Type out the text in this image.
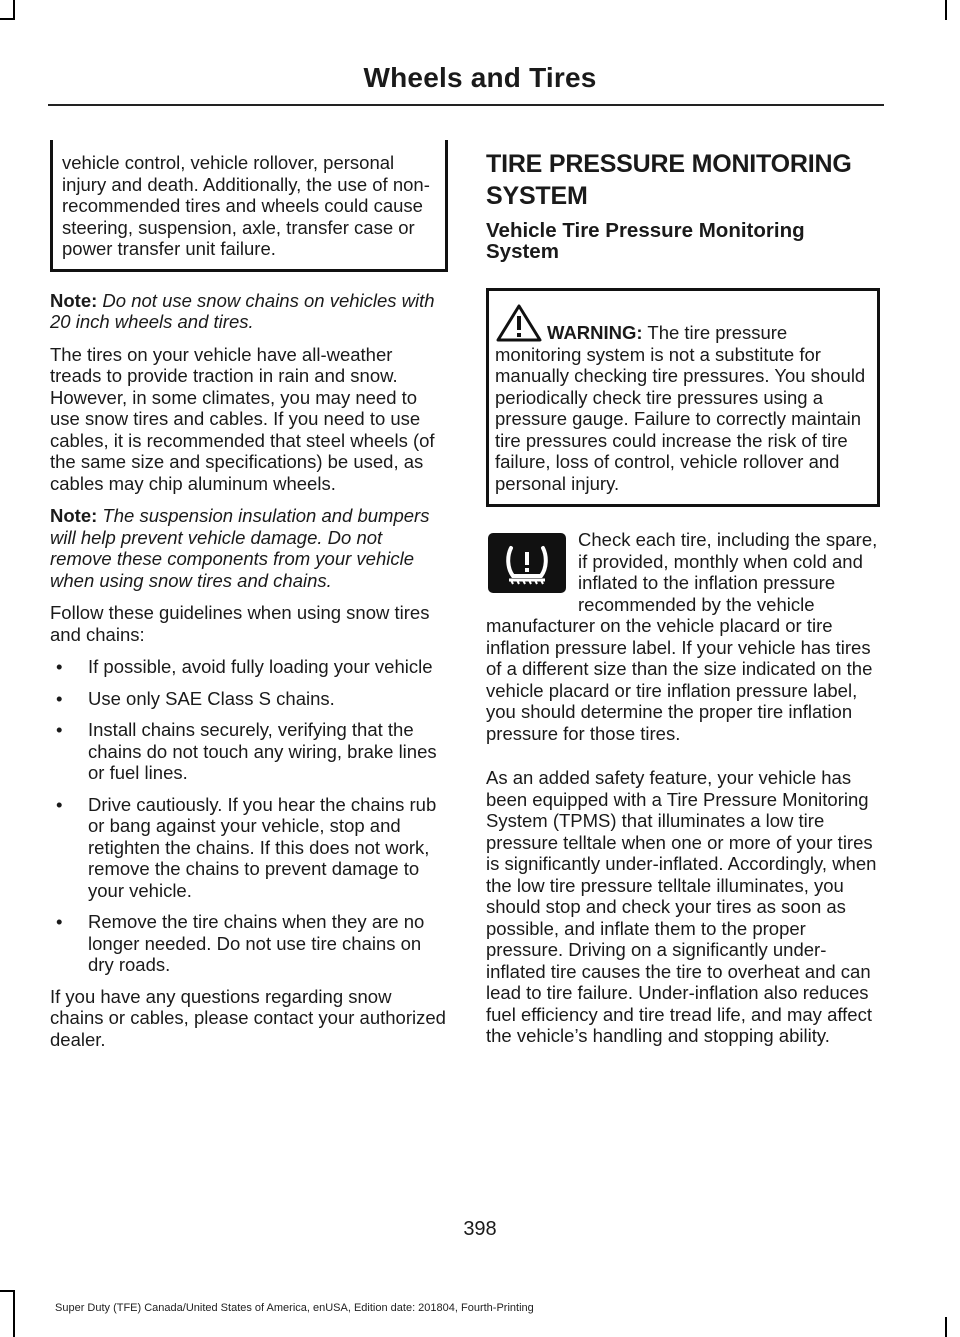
Wheels and Tires
vehicle control, vehicle rollover, personal injury and death. Additionally, the use of non-recommended tires and wheels could cause steering, suspension, axle, transfer case or power transfer unit failure.

Note: Do not use snow chains on vehicles with 20 inch wheels and tires.

The tires on your vehicle have all-weather treads to provide traction in rain and snow. However, in some climates, you may need to use snow tires and cables. If you need to use cables, it is recommended that steel wheels (of the same size and specifications) be used, as cables may chip aluminum wheels.

Note: The suspension insulation and bumpers will help prevent vehicle damage. Do not remove these components from your vehicle when using snow tires and chains.

Follow these guidelines when using snow tires and chains:

• If possible, avoid fully loading your vehicle
• Use only SAE Class S chains.
• Install chains securely, verifying that the chains do not touch any wiring, brake lines or fuel lines.
• Drive cautiously. If you hear the chains rub or bang against your vehicle, stop and retighten the chains. If this does not work, remove the chains to prevent damage to your vehicle.
• Remove the tire chains when they are no longer needed. Do not use tire chains on dry roads.

If you have any questions regarding snow chains or cables, please contact your authorized dealer.

TIRE PRESSURE MONITORING SYSTEM
Vehicle Tire Pressure Monitoring System
WARNING: The tire pressure monitoring system is not a substitute for manually checking tire pressures. You should periodically check tire pressures using a pressure gauge. Failure to correctly maintain tire pressures could increase the risk of tire failure, loss of control, vehicle rollover and personal injury.

Check each tire, including the spare, if provided, monthly when cold and inflated to the inflation pressure recommended by the vehicle manufacturer on the vehicle placard or tire inflation pressure label. If your vehicle has tires of a different size than the size indicated on the vehicle placard or tire inflation pressure label, you should determine the proper tire inflation pressure for those tires.

As an added safety feature, your vehicle has been equipped with a Tire Pressure Monitoring System (TPMS) that illuminates a low tire pressure telltale when one or more of your tires is significantly under-inflated. Accordingly, when the low tire pressure telltale illuminates, you should stop and check your tires as soon as possible, and inflate them to the proper pressure. Driving on a significantly under-inflated tire causes the tire to overheat and can lead to tire failure. Under-inflation also reduces fuel efficiency and tire tread life, and may affect the vehicle’s handling and stopping ability.

398
Super Duty (TFE) Canada/United States of America, enUSA, Edition date: 201804, Fourth-Printing
